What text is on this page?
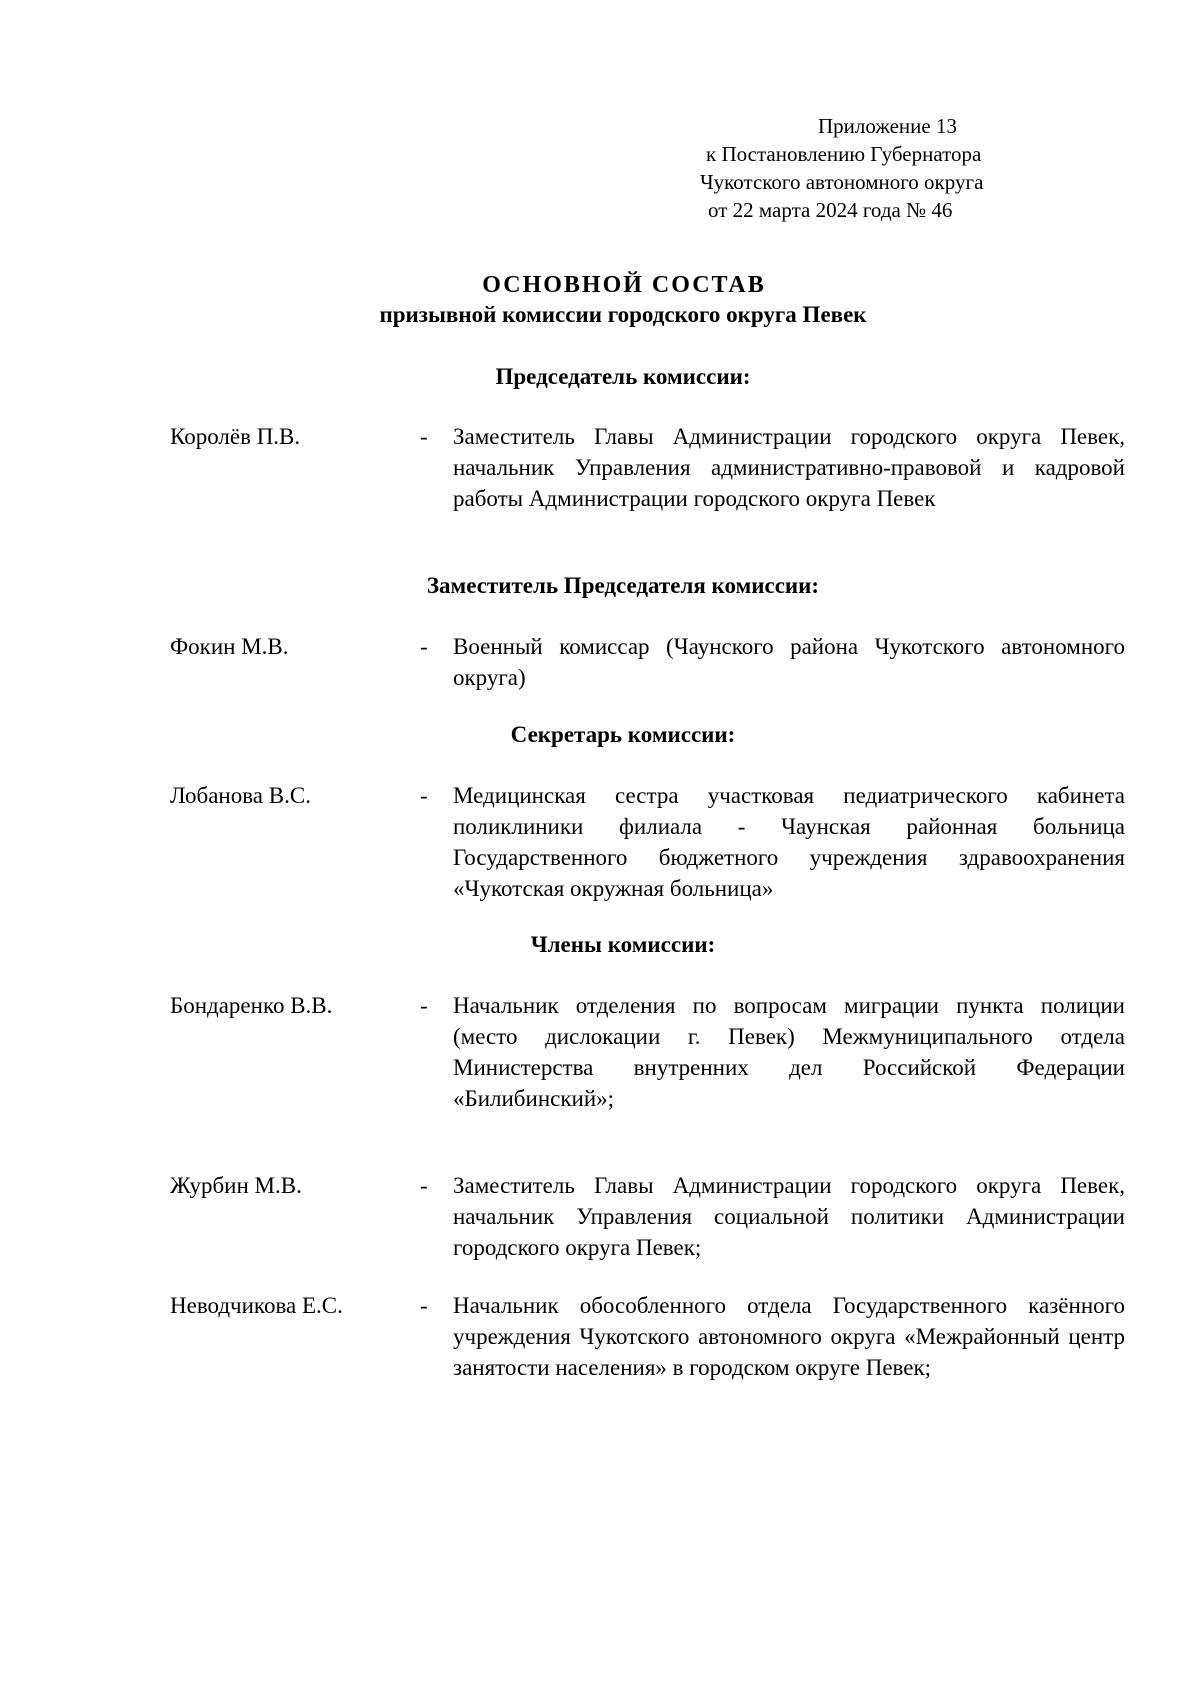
Приложение 13
к Постановлению Губернатора
Чукотского автономного округа
от 22 марта 2024 года № 46
ОСНОВНОЙ СОСТАВ
призывной комиссии городского округа Певек
Председатель комиссии:
Королёв П.В.	- Заместитель Главы Администрации городского округа Певек, начальник Управления административно-правовой и кадровой работы Администрации городского округа Певек
Заместитель Председателя комиссии:
Фокин М.В.	- Военный комиссар (Чаунского района Чукотского автономного округа)
Секретарь комиссии:
Лобанова В.С.	- Медицинская сестра участковая педиатрического кабинета поликлиники филиала - Чаунская районная больница Государственного бюджетного учреждения здравоохранения «Чукотская окружная больница»
Члены комиссии:
Бондаренко В.В.	- Начальник отделения по вопросам миграции пункта полиции (место дислокации г. Певек) Межмуниципального отдела Министерства внутренних дел Российской Федерации «Билибинский»;
Журбин М.В.	- Заместитель Главы Администрации городского округа Певек, начальник Управления социальной политики Администрации городского округа Певек;
Неводчикова Е.С.	- Начальник обособленного отдела Государственного казённого учреждения Чукотского автономного округа «Межрайонный центр занятости населения» в городском округе Певек;
